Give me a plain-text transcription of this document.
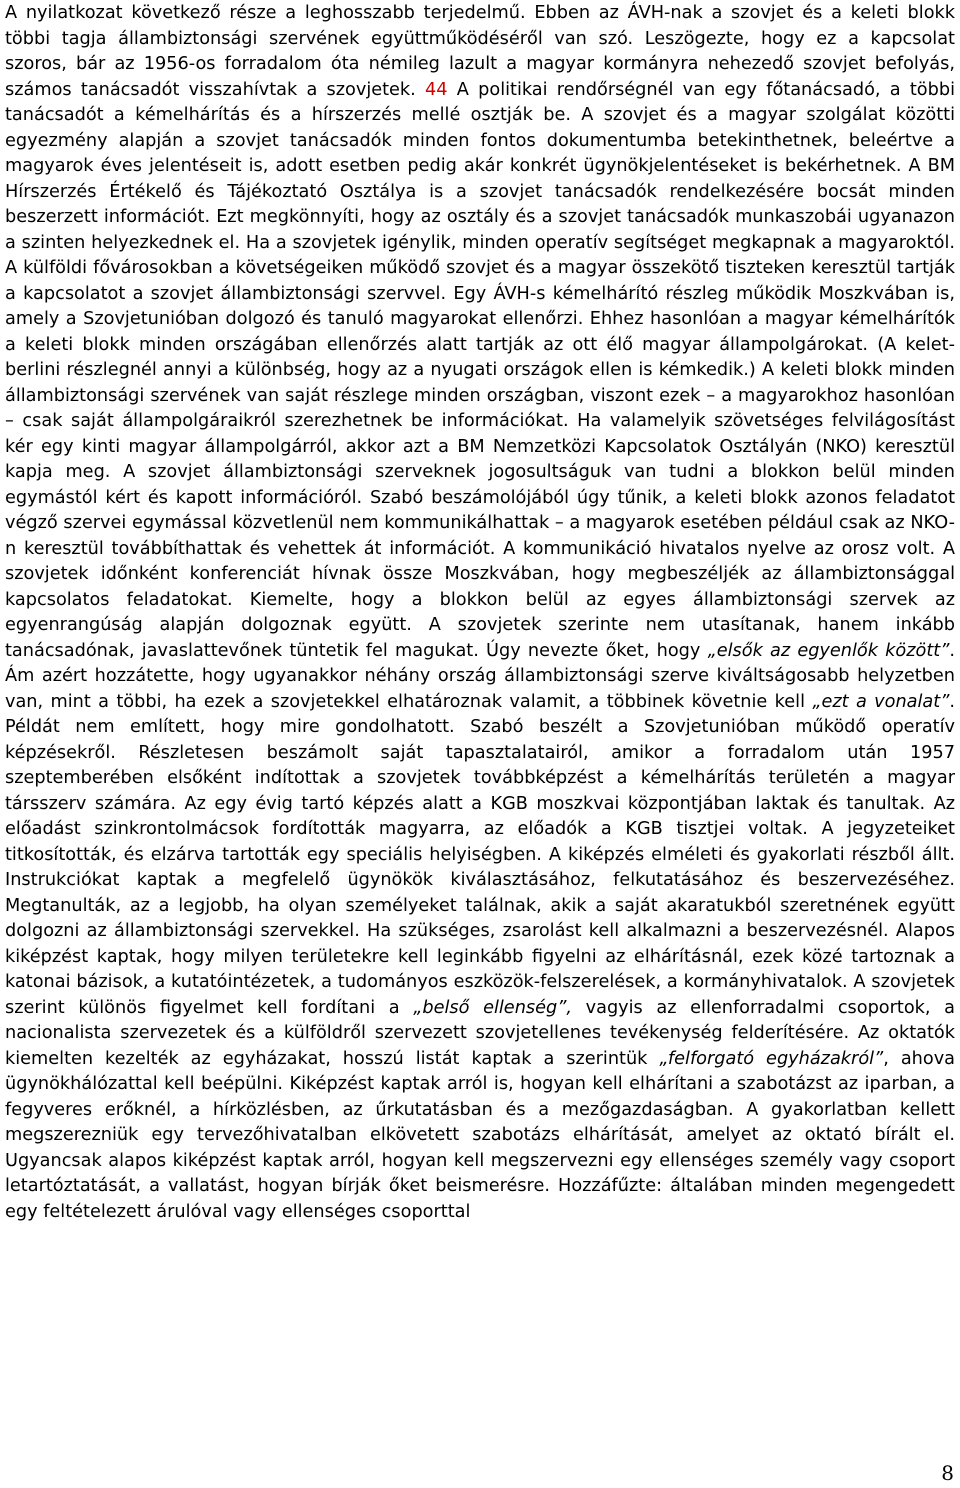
A nyilatkozat következő része a leghosszabb terjedelmű. Ebben az ÁVH-nak a szovjet és a keleti blokk többi tagja állambiztonsági szervének együttműködéséről van szó. Leszögezte, hogy ez a kapcsolat szoros, bár az 1956-os forradalom óta némileg lazult a magyar kormányra nehezedő szovjet befolyás, számos tanácsadót visszahívtak a szovjetek. 44 A politikai rendőrségnél van egy főtanácsadó, a többi tanácsadót a kémelhárítás és a hírszerzés mellé osztják be. A szovjet és a magyar szolgálat közötti egyezmény alapján a szovjet tanácsadók minden fontos dokumentumba betekinthetnek, beleértve a magyarok éves jelentéseit is, adott esetben pedig akár konkrét ügynökjelentéseket is bekérhetnek. A BM Hírszerzés Értékelő és Tájékoztató Osztálya is a szovjet tanácsadók rendelkezésére bocsát minden beszerzett információt. Ezt megkönnyíti, hogy az osztály és a szovjet tanácsadók munkaszobái ugyanazon a szinten helyezkednek el. Ha a szovjetek igénylik, minden operatív segítséget megkapnak a magyaroktól. A külföldi fővárosokban a követségeiken működő szovjet és a magyar összekötő tiszteken keresztül tartják a kapcsolatot a szovjet állambiztonsági szervvel. Egy ÁVH-s kémelhárító részleg működik Moszkvában is, amely a Szovjetunióban dolgozó és tanuló magyarokat ellenőrzi. Ehhez hasonlóan a magyar kémelhárítók a keleti blokk minden országában ellenőrzés alatt tartják az ott élő magyar állampolgárokat. (A kelet-berlini részlegnél annyi a különbség, hogy az a nyugati országok ellen is kémkedik.) A keleti blokk minden állambiztonsági szervének van saját részlege minden országban, viszont ezek – a magyarokhoz hasonlóan – csak saját állampolgáraikról szerezhetnek be információkat. Ha valamelyik szövetséges felvilágosítást kér egy kinti magyar állampolgárról, akkor azt a BM Nemzetközi Kapcsolatok Osztályán (NKO) keresztül kapja meg. A szovjet állambiztonsági szerveknek jogosultságuk van tudni a blokkon belül minden egymástól kért és kapott információról. Szabó beszámolójából úgy tűnik, a keleti blokk azonos feladatot végző szervei egymással közvetlenül nem kommunikálhattak – a magyarok esetében például csak az NKO-n keresztül továbbíthattak és vehettek át információt. A kommunikáció hivatalos nyelve az orosz volt. A szovjetek időnként konferenciát hívnak össze Moszkvában, hogy megbeszéljék az állambiztonsággal kapcsolatos feladatokat. Kiemelte, hogy a blokkon belül az egyes állambiztonsági szervek az egyenrangúság alapján dolgoznak együtt. A szovjetek szerinte nem utasítanak, hanem inkább tanácsadónak, javaslattevőnek tüntetik fel magukat. Úgy nevezte őket, hogy „elsők az egyenlők között”. Ám azért hozzátette, hogy ugyanakkor néhány ország állambiztonsági szerve kiváltságosabb helyzetben van, mint a többi, ha ezek a szovjetekkel elhatároznak valamit, a többinek követnie kell „ezt a vonalat”. Példát nem említett, hogy mire gondolhatott. Szabó beszélt a Szovjetunióban működő operatív képzésekről. Részletesen beszámolt saját tapasztalatairól, amikor a forradalom után 1957 szeptemberében elsőként indítottak a szovjetek továbbképzést a kémelhárítás területén a magyar társszerv számára. Az egy évig tartó képzés alatt a KGB moszkvai központjában laktak és tanultak. Az előadást szinkrontolmácsok fordították magyarra, az előadók a KGB tisztjei voltak. A jegyzeteiket titkosították, és elzárva tartották egy speciális helyiségben. A kiképzés elméleti és gyakorlati részből állt. Instrukciókat kaptak a megfelelő ügynökök kiválasztásához, felkutatásához és beszervezéséhez. Megtanulták, az a legjobb, ha olyan személyeket találnak, akik a saját akaratukból szeretnének együtt dolgozni az állambiztonsági szervekkel. Ha szükséges, zsarolást kell alkalmazni a beszervezésnél. Alapos kiképzést kaptak, hogy milyen területekre kell leginkább figyelni az elhárításnál, ezek közé tartoznak a katonai bázisok, a kutatóintézetek, a tudományos eszközök-felszerelések, a kormányhivatalok. A szovjetek szerint különös figyelmet kell fordítani a „belső ellenség”, vagyis az ellenforradalmi csoportok, a nacionalista szervezetek és a külföldről szervezett szovjetellenes tevékenység felderítésére. Az oktatók kiemelten kezelték az egyházakat, hosszú listát kaptak a szerintük „felforgató egyházakról”, ahova ügynökhálózattal kell beépülni. Kiképzést kaptak arról is, hogyan kell elhárítani a szabotázst az iparban, a fegyveres erőknél, a hírközlésben, az űrkutatásban és a mezőgazdaságban. A gyakorlatban kellett megszerezniük egy tervezőhivatalban elkövetett szabotázs elhárítását, amelyet az oktató bírált el. Ugyancsak alapos kiképzést kaptak arról, hogyan kell megszervezni egy ellenséges személy vagy csoport letartóztatását, a vallatást, hogyan bírják őket beismerésre. Hozzáfűzte: általában minden megengedett egy feltételezett árulóval vagy ellenséges csoporttal

8
